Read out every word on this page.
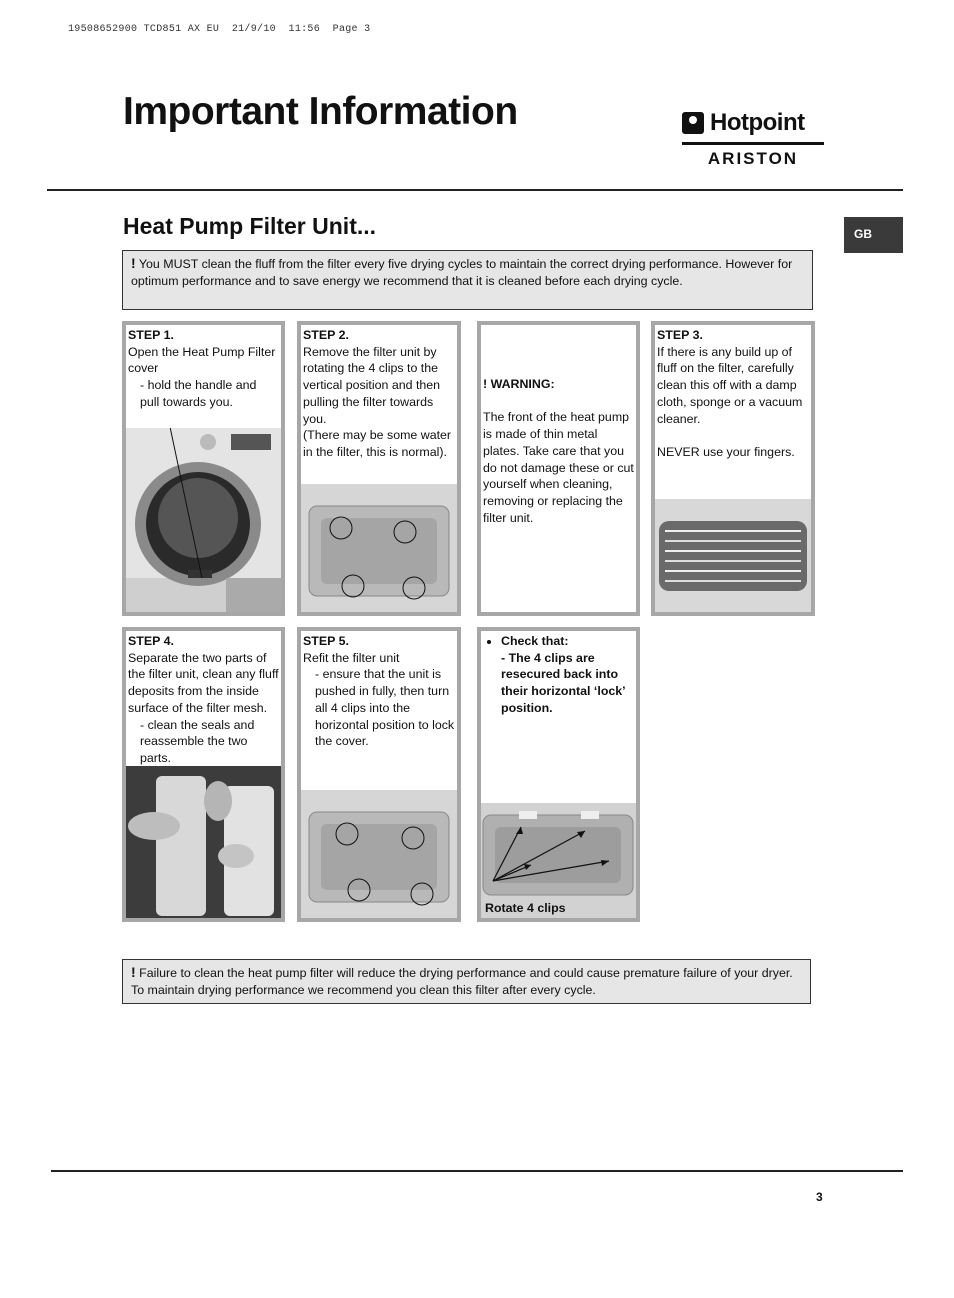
19508652900 TCD851 AX EU  21/9/10  11:56  Page 3
Important Information	Hotpoint
ARISTON
Heat Pump Filter Unit...	GB
! You MUST clean the fluff from the filter every five drying cycles to maintain the correct drying performance. However for optimum performance and to save energy we recommend that it is cleaned before each drying cycle.
STEP 1.
Open the Heat Pump Filter cover
- hold the handle and pull towards you.
STEP 2.
Remove the filter unit by rotating the 4 clips to the vertical position and then pulling the filter towards you.
(There may be some water in the filter, this is normal).
! WARNING:

The front of the heat pump is made of thin metal plates. Take care that you do not damage these or cut yourself when cleaning, removing or replacing the filter unit.
STEP 3.
If there is any build up of fluff on the filter, carefully clean this off with a damp cloth, sponge or a vacuum cleaner.

NEVER use your fingers.
STEP 4.
Separate the two parts of the filter unit, clean any fluff deposits from the inside surface of the filter mesh.
- clean the seals and reassemble the two parts.
STEP 5.
Refit the filter unit
- ensure that the unit is pushed in fully, then turn all 4 clips into the horizontal position to lock the cover.
• Check that:
- The 4 clips are resecured back into their horizontal ‘lock’ position.
Rotate 4 clips
! Failure to clean the heat pump filter will reduce the drying performance and could cause premature failure of your dryer. To maintain drying performance we recommend you clean this filter after every cycle.
3
